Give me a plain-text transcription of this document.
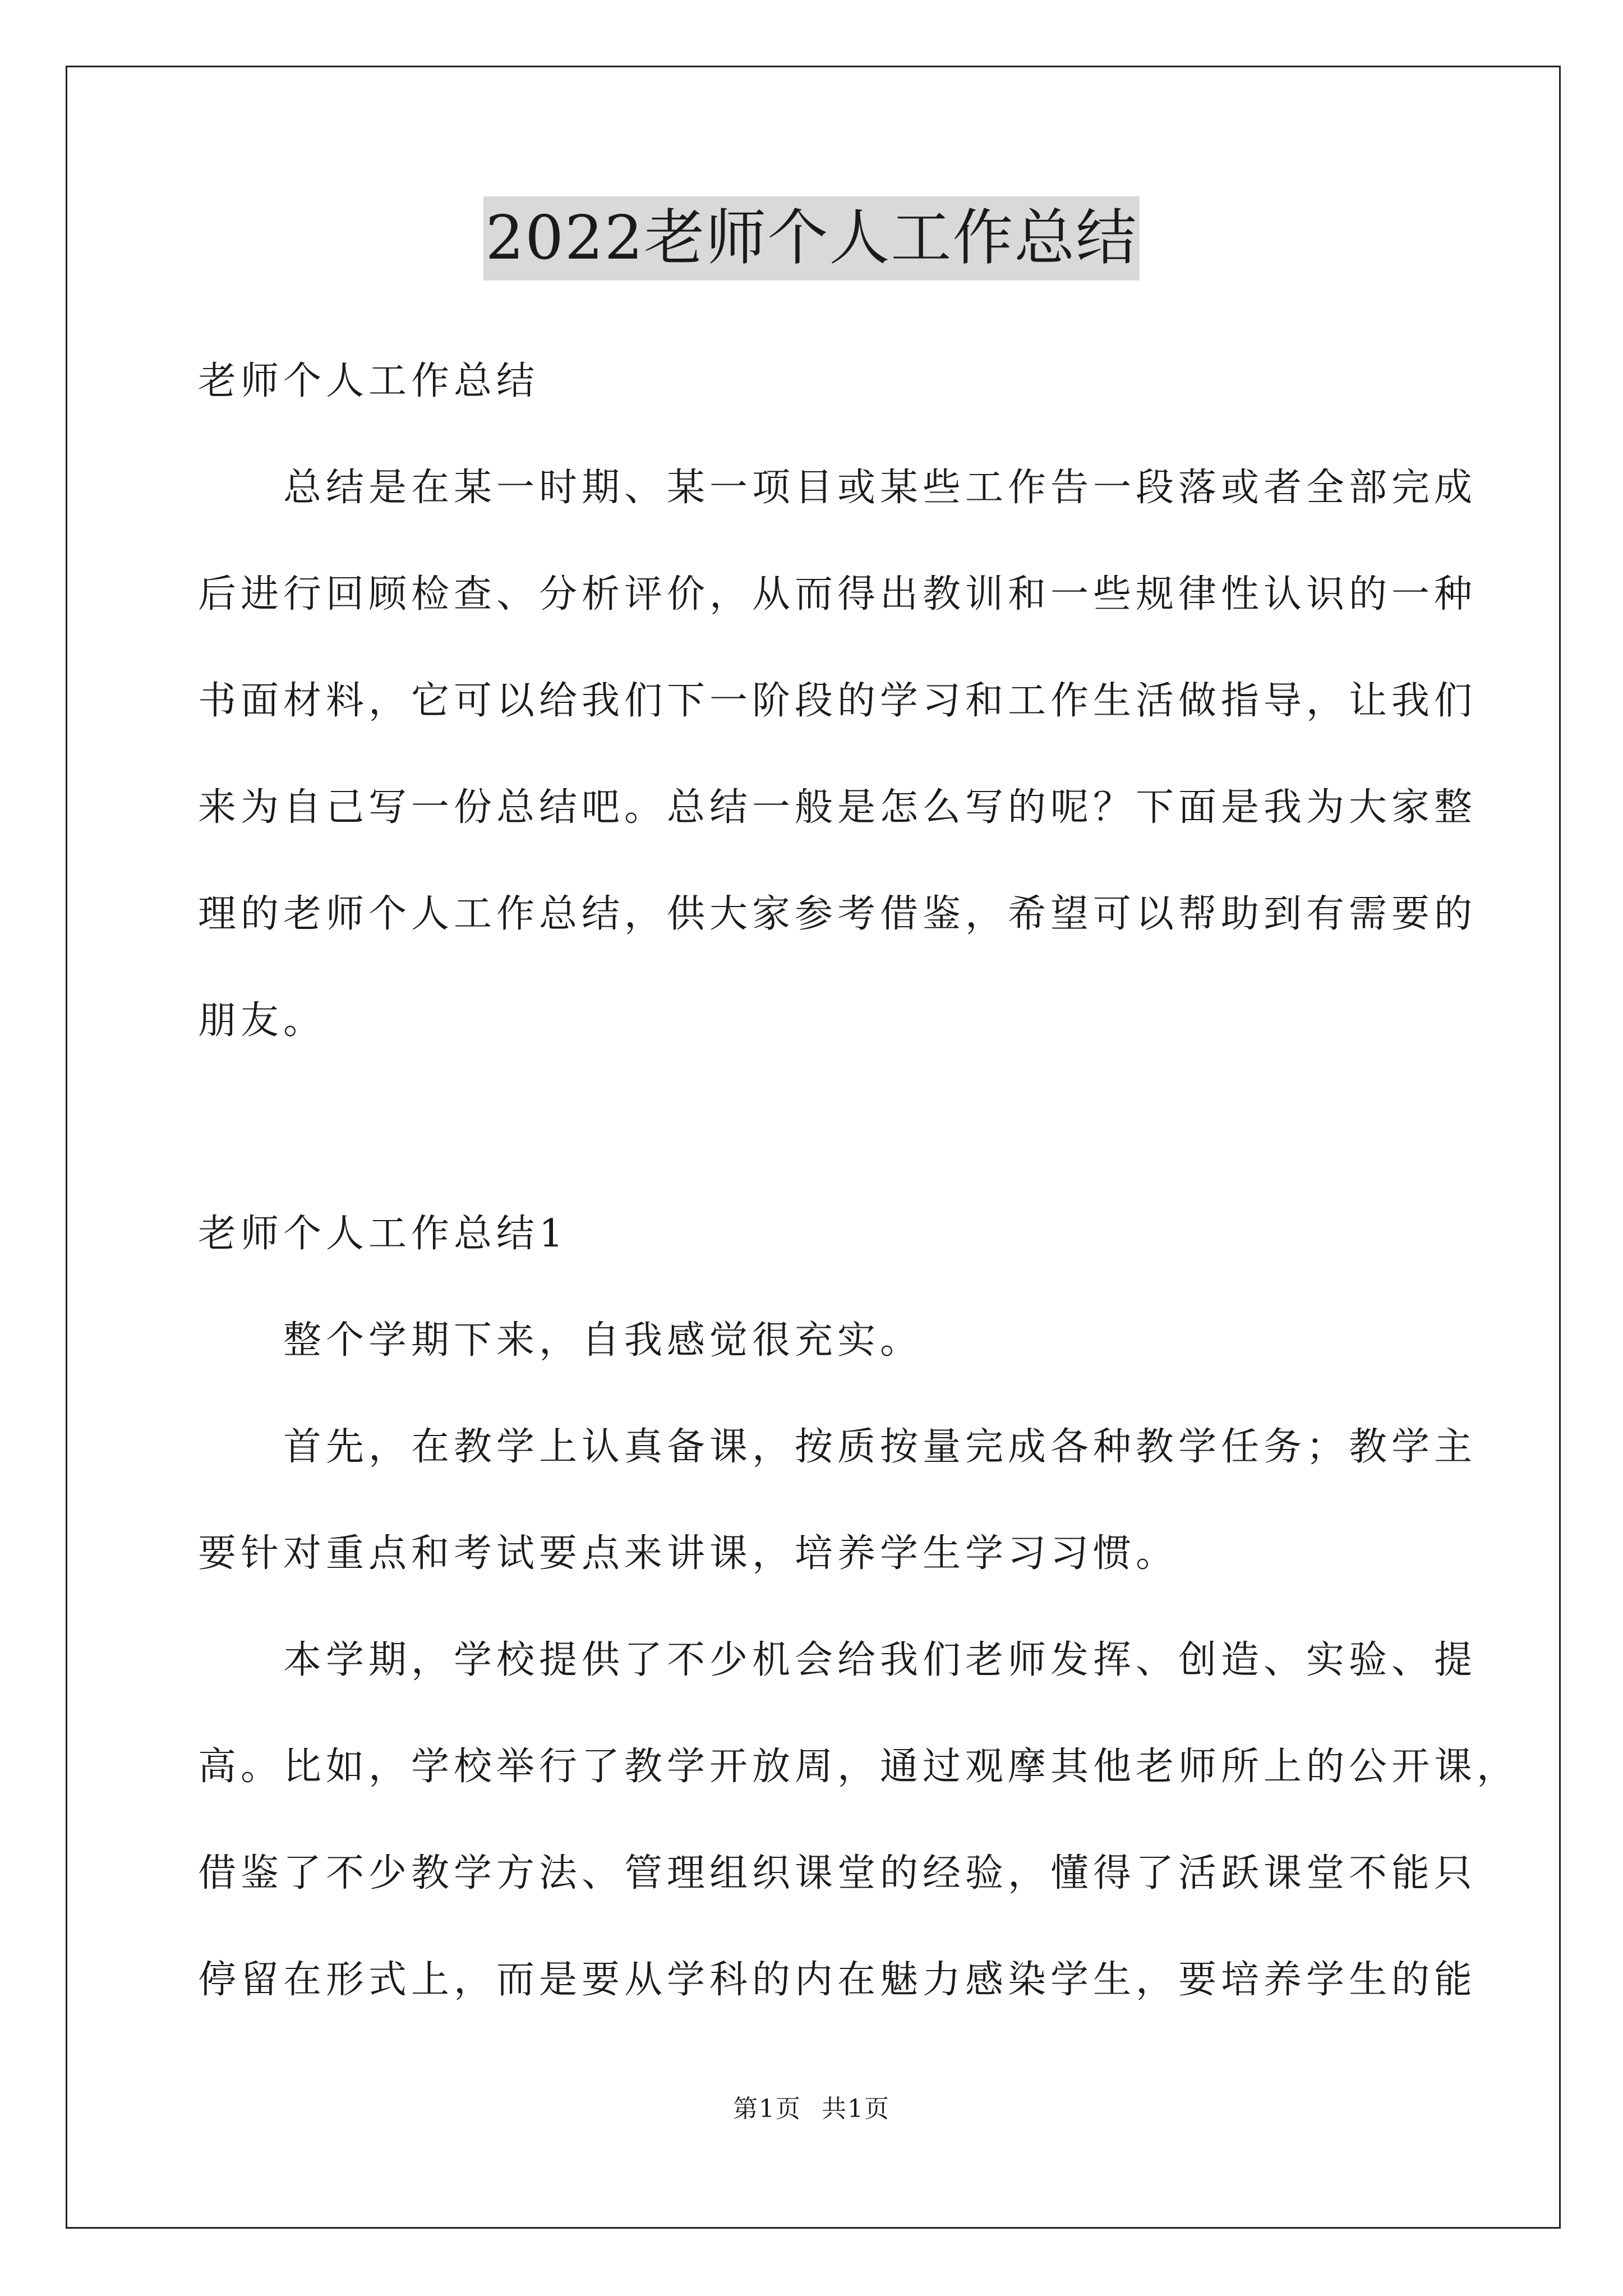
2022老师个人工作总结
老师个人工作总结
总结是在某一时期、某一项目或某些工作告一段落或者全部完成
后进行回顾检查、分析评价，从而得出教训和一些规律性认识的一种
书面材料，它可以给我们下一阶段的学习和工作生活做指导，让我们
来为自己写一份总结吧。总结一般是怎么写的呢？下面是我为大家整
理的老师个人工作总结，供大家参考借鉴，希望可以帮助到有需要的
朋友。
老师个人工作总结1
整个学期下来，自我感觉很充实。
首先，在教学上认真备课，按质按量完成各种教学任务；教学主
要针对重点和考试要点来讲课，培养学生学习习惯。
本学期，学校提供了不少机会给我们老师发挥、创造、实验、提
高。比如，学校举行了教学开放周，通过观摩其他老师所上的公开课，
借鉴了不少教学方法、管理组织课堂的经验，懂得了活跃课堂不能只
停留在形式上，而是要从学科的内在魅力感染学生，要培养学生的能
第1页 共1页
